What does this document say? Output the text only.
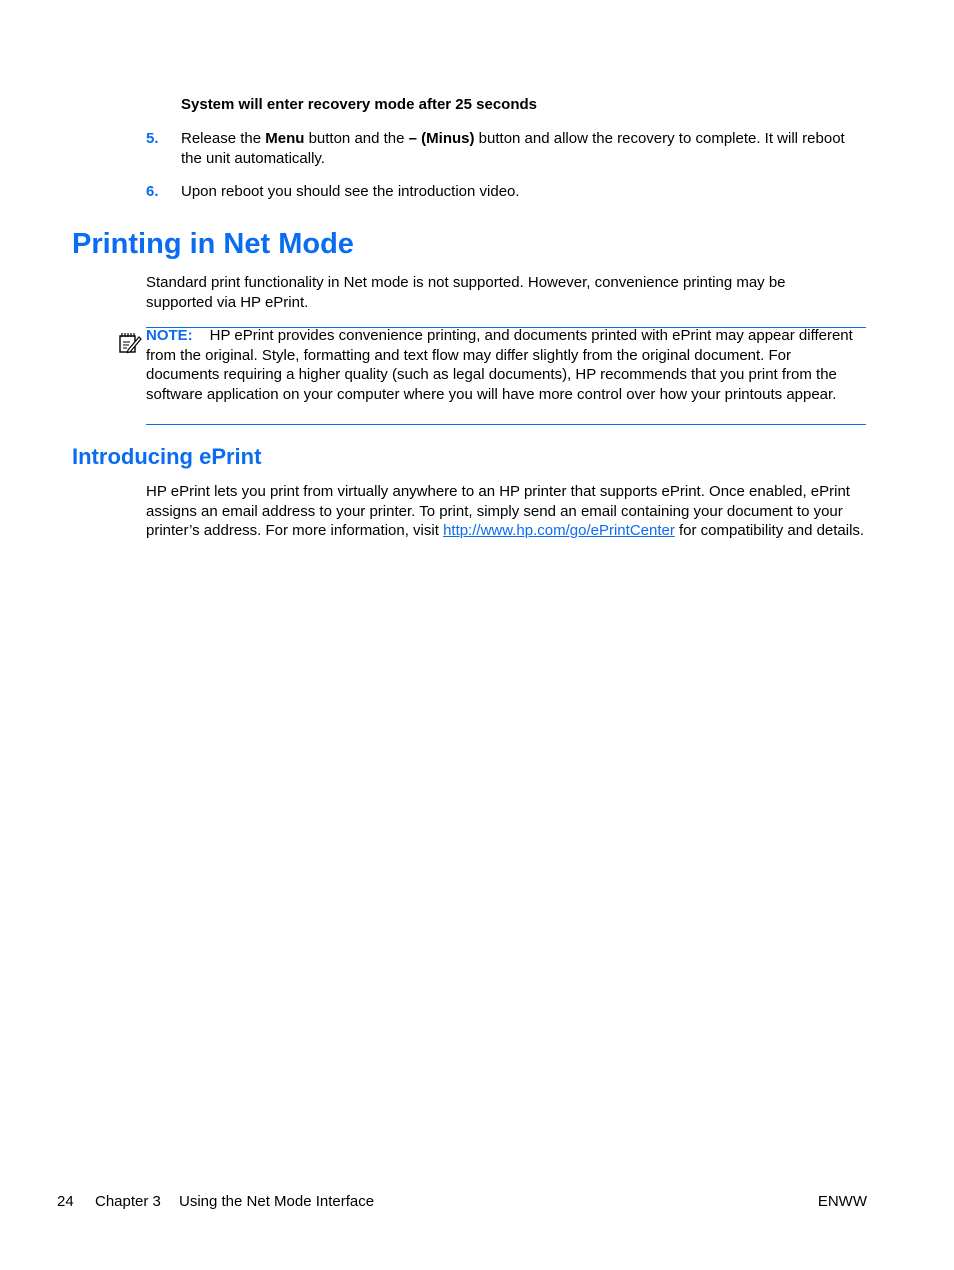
System will enter recovery mode after 25 seconds
5. Release the Menu button and the – (Minus) button and allow the recovery to complete. It will reboot the unit automatically.
6. Upon reboot you should see the introduction video.
Printing in Net Mode
Standard print functionality in Net mode is not supported. However, convenience printing may be supported via HP ePrint.
NOTE: HP ePrint provides convenience printing, and documents printed with ePrint may appear different from the original. Style, formatting and text flow may differ slightly from the original document. For documents requiring a higher quality (such as legal documents), HP recommends that you print from the software application on your computer where you will have more control over how your printouts appear.
Introducing ePrint
HP ePrint lets you print from virtually anywhere to an HP printer that supports ePrint. Once enabled, ePrint assigns an email address to your printer. To print, simply send an email containing your document to your printer’s address. For more information, visit http://www.hp.com/go/ePrintCenter for compatibility and details.
24 Chapter 3 Using the Net Mode Interface	ENWW
